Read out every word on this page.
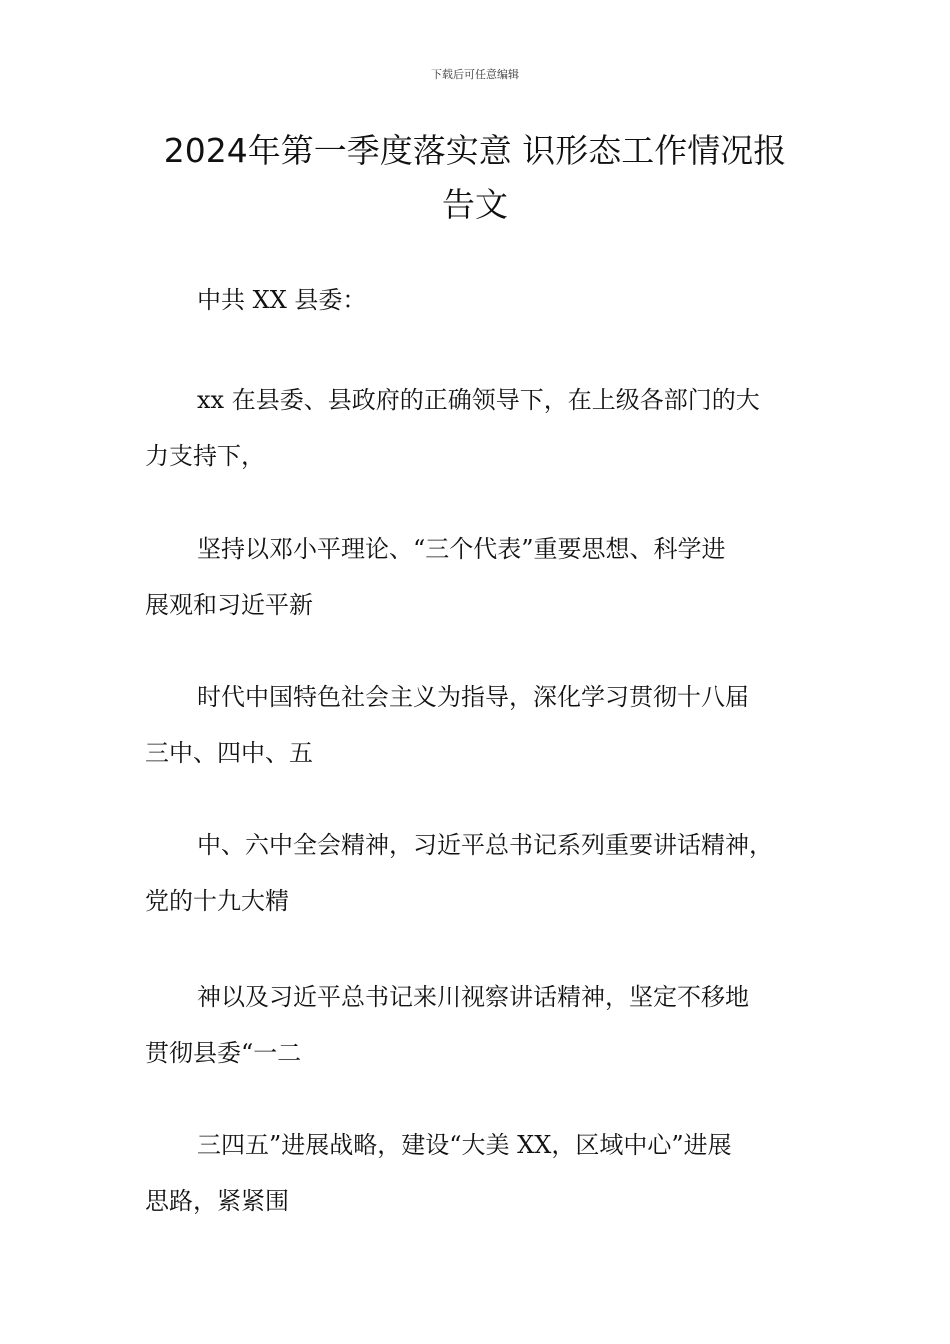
下载后可任意编辑
2024年第一季度落实意 识形态工作情况报
告文

中共 XX 县委：

xx 在县委、县政府的正确领导下，在上级各部门的大
力支持下，

坚持以邓小平理论、“三个代表”重要思想、科学进
展观和习近平新

时代中国特色社会主义为指导，深化学习贯彻十八届
三中、四中、五

中、六中全会精神，习近平总书记系列重要讲话精神，
党的十九大精

神以及习近平总书记来川视察讲话精神，坚定不移地
贯彻县委“一二

三四五”进展战略，建设“大美 XX，区域中心”进展
思路，紧紧围
